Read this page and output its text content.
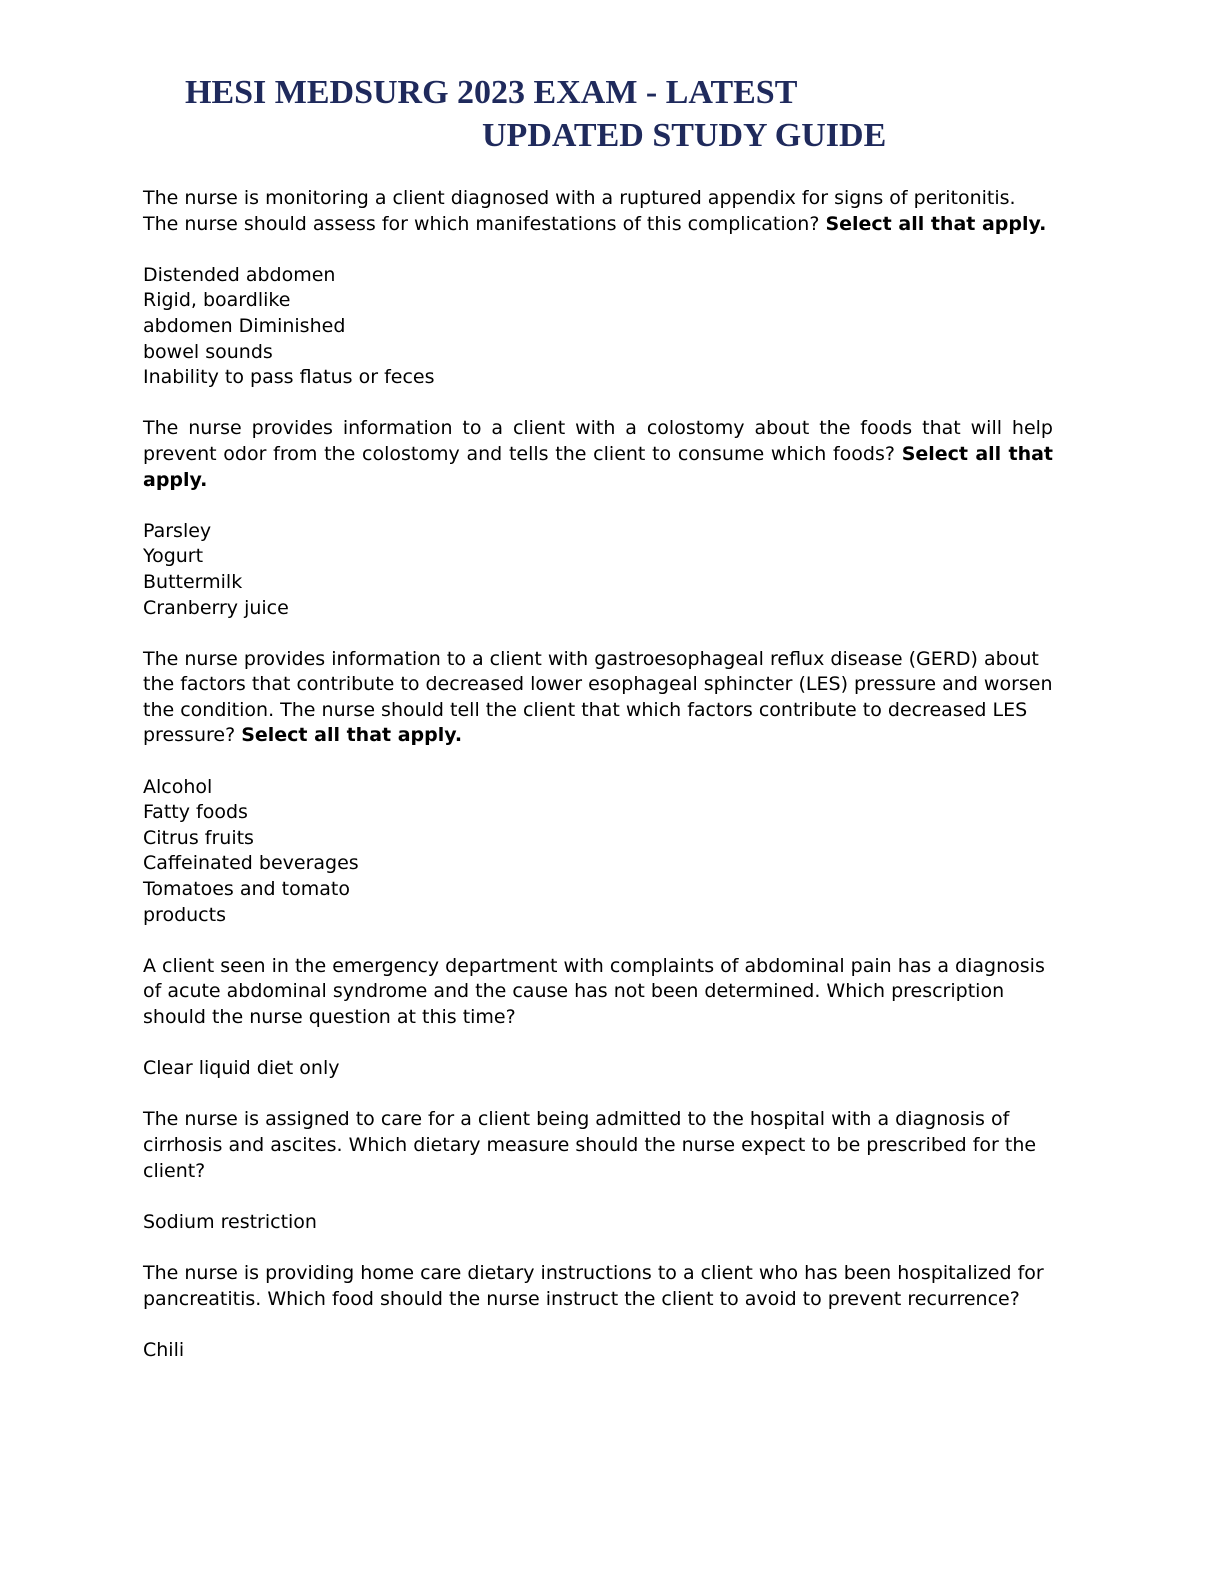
HESI MEDSURG 2023 EXAM - LATEST
UPDATED STUDY GUIDE

The nurse is monitoring a client diagnosed with a ruptured appendix for signs of peritonitis. The nurse should assess for which manifestations of this complication? Select all that apply.

Distended abdomen
Rigid, boardlike
abdomen Diminished
bowel sounds
Inability to pass flatus or feces

The nurse provides information to a client with a colostomy about the foods that will help prevent odor from the colostomy and tells the client to consume which foods? Select all that apply.

Parsley
Yogurt
Buttermilk
Cranberry juice

The nurse provides information to a client with gastroesophageal reflux disease (GERD) about the factors that contribute to decreased lower esophageal sphincter (LES) pressure and worsen the condition. The nurse should tell the client that which factors contribute to decreased LES pressure? Select all that apply.

Alcohol
Fatty foods
Citrus fruits
Caffeinated beverages
Tomatoes and tomato
products

A client seen in the emergency department with complaints of abdominal pain has a diagnosis of acute abdominal syndrome and the cause has not been determined. Which prescription should the nurse question at this time?

Clear liquid diet only

The nurse is assigned to care for a client being admitted to the hospital with a diagnosis of cirrhosis and ascites. Which dietary measure should the nurse expect to be prescribed for the client?

Sodium restriction

The nurse is providing home care dietary instructions to a client who has been hospitalized for pancreatitis. Which food should the nurse instruct the client to avoid to prevent recurrence?

Chili
